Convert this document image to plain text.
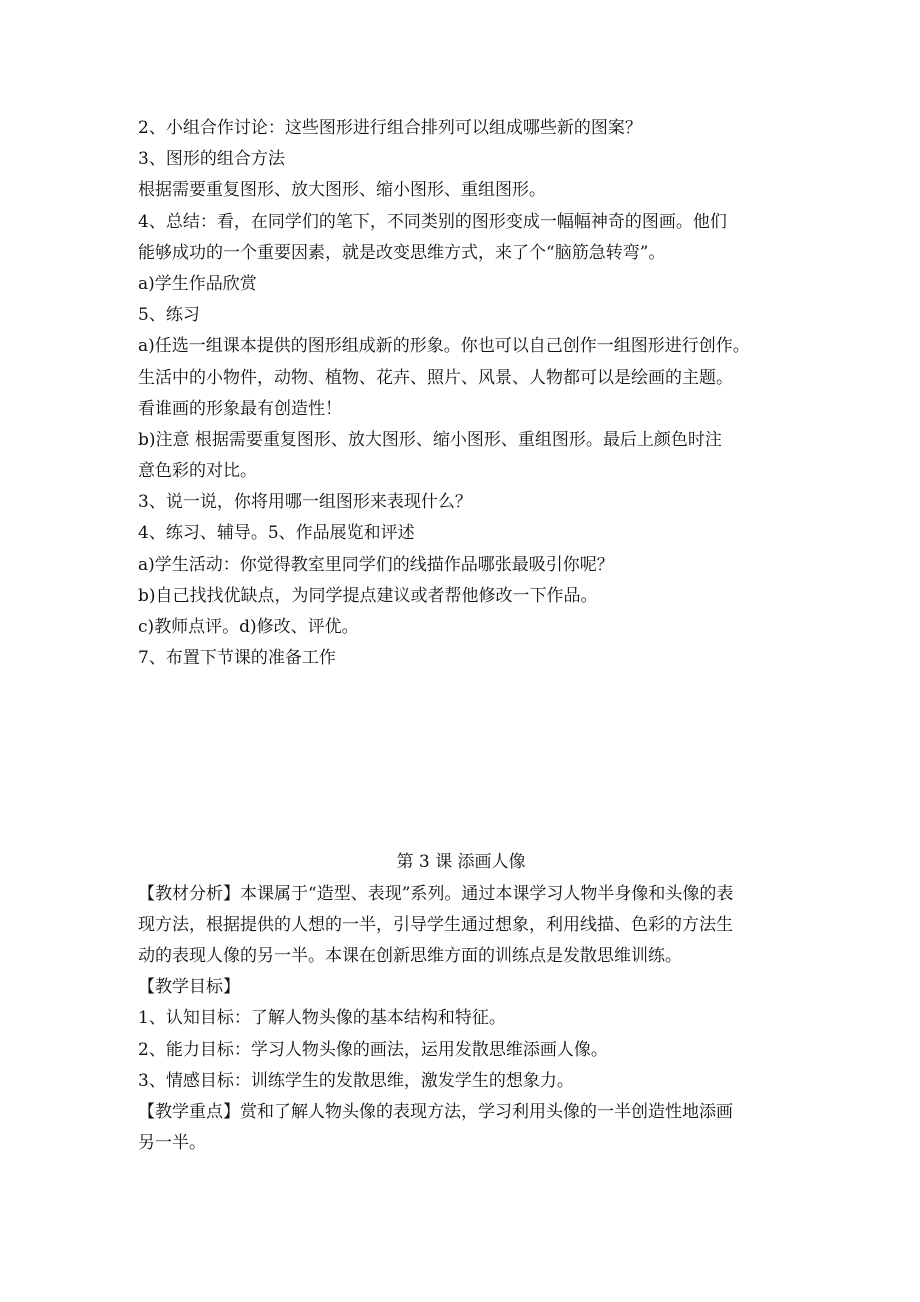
2、小组合作讨论：这些图形进行组合排列可以组成哪些新的图案？
3、图形的组合方法
根据需要重复图形、放大图形、缩小图形、重组图形。
4、总结：看，在同学们的笔下，不同类别的图形变成一幅幅神奇的图画。他们
能够成功的一个重要因素，就是改变思维方式，来了个“脑筋急转弯”。
a)学生作品欣赏
5、练习
a)任选一组课本提供的图形组成新的形象。你也可以自己创作一组图形进行创作。
生活中的小物件，动物、植物、花卉、照片、风景、人物都可以是绘画的主题。
看谁画的形象最有创造性！
b)注意 根据需要重复图形、放大图形、缩小图形、重组图形。最后上颜色时注
意色彩的对比。
3、说一说，你将用哪一组图形来表现什么？
4、练习、辅导。5、作品展览和评述
a)学生活动：你觉得教室里同学们的线描作品哪张最吸引你呢？
b)自己找找优缺点，为同学提点建议或者帮他修改一下作品。
c)教师点评。d)修改、评优。
7、布置下节课的准备工作
第 3 课 添画人像
【教材分析】本课属于“造型、表现”系列。通过本课学习人物半身像和头像的表
现方法，根据提供的人想的一半，引导学生通过想象，利用线描、色彩的方法生
动的表现人像的另一半。本课在创新思维方面的训练点是发散思维训练。
【教学目标】
1、认知目标：了解人物头像的基本结构和特征。
2、能力目标：学习人物头像的画法，运用发散思维添画人像。
3、情感目标：训练学生的发散思维，激发学生的想象力。
【教学重点】赏和了解人物头像的表现方法，学习利用头像的一半创造性地添画
另一半。
